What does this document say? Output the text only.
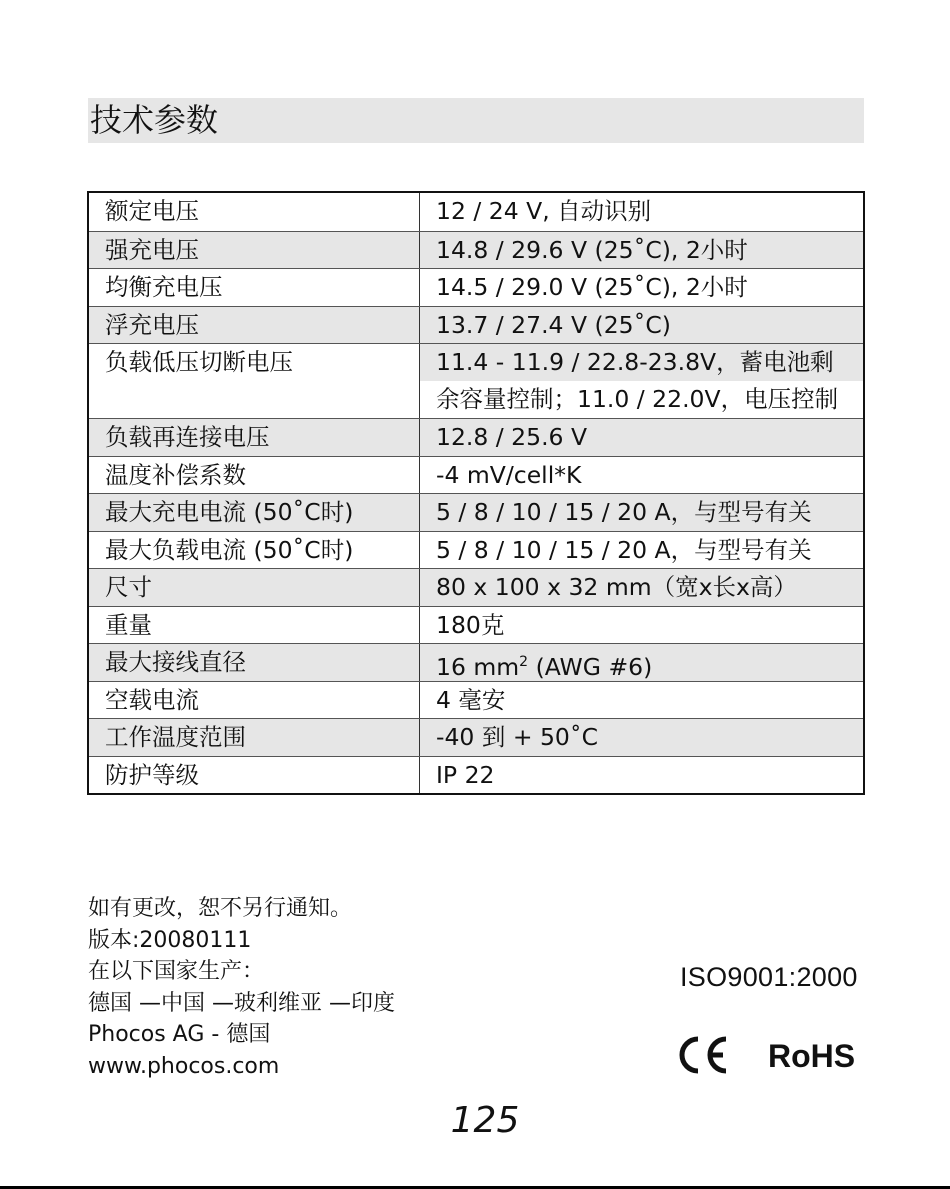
技术参数
额定电压	12 / 24 V, 自动识别
强充电压	14.8 / 29.6 V (25˚C), 2小时
均衡充电压	14.5 / 29.0 V (25˚C), 2小时
浮充电压	13.7 / 27.4 V (25˚C)
负载低压切断电压	11.4 - 11.9 / 22.8-23.8V，蓄电池剩
余容量控制；11.0 / 22.0V，电压控制
负载再连接电压	12.8 / 25.6 V
温度补偿系数	-4 mV/cell*K
最大充电电流 (50˚C时)	5 / 8 / 10 / 15 / 20 A，与型号有关
最大负载电流 (50˚C时)	5 / 8 / 10 / 15 / 20 A，与型号有关
尺寸	80 x 100 x 32 mm（宽x长x高）
重量	180克
最大接线直径	16 $mm^2$ (AWG #6)
空载电流	4 毫安
工作温度范围	-40 到 + 50˚C
防护等级	IP 22
如有更改，恕不另行通知。
版本:20080111
在以下国家生产：
德国 —中国 —玻利维亚 —印度
Phocos AG - 德国
www.phocos.com
ISO9001:2000
RoHS
125
